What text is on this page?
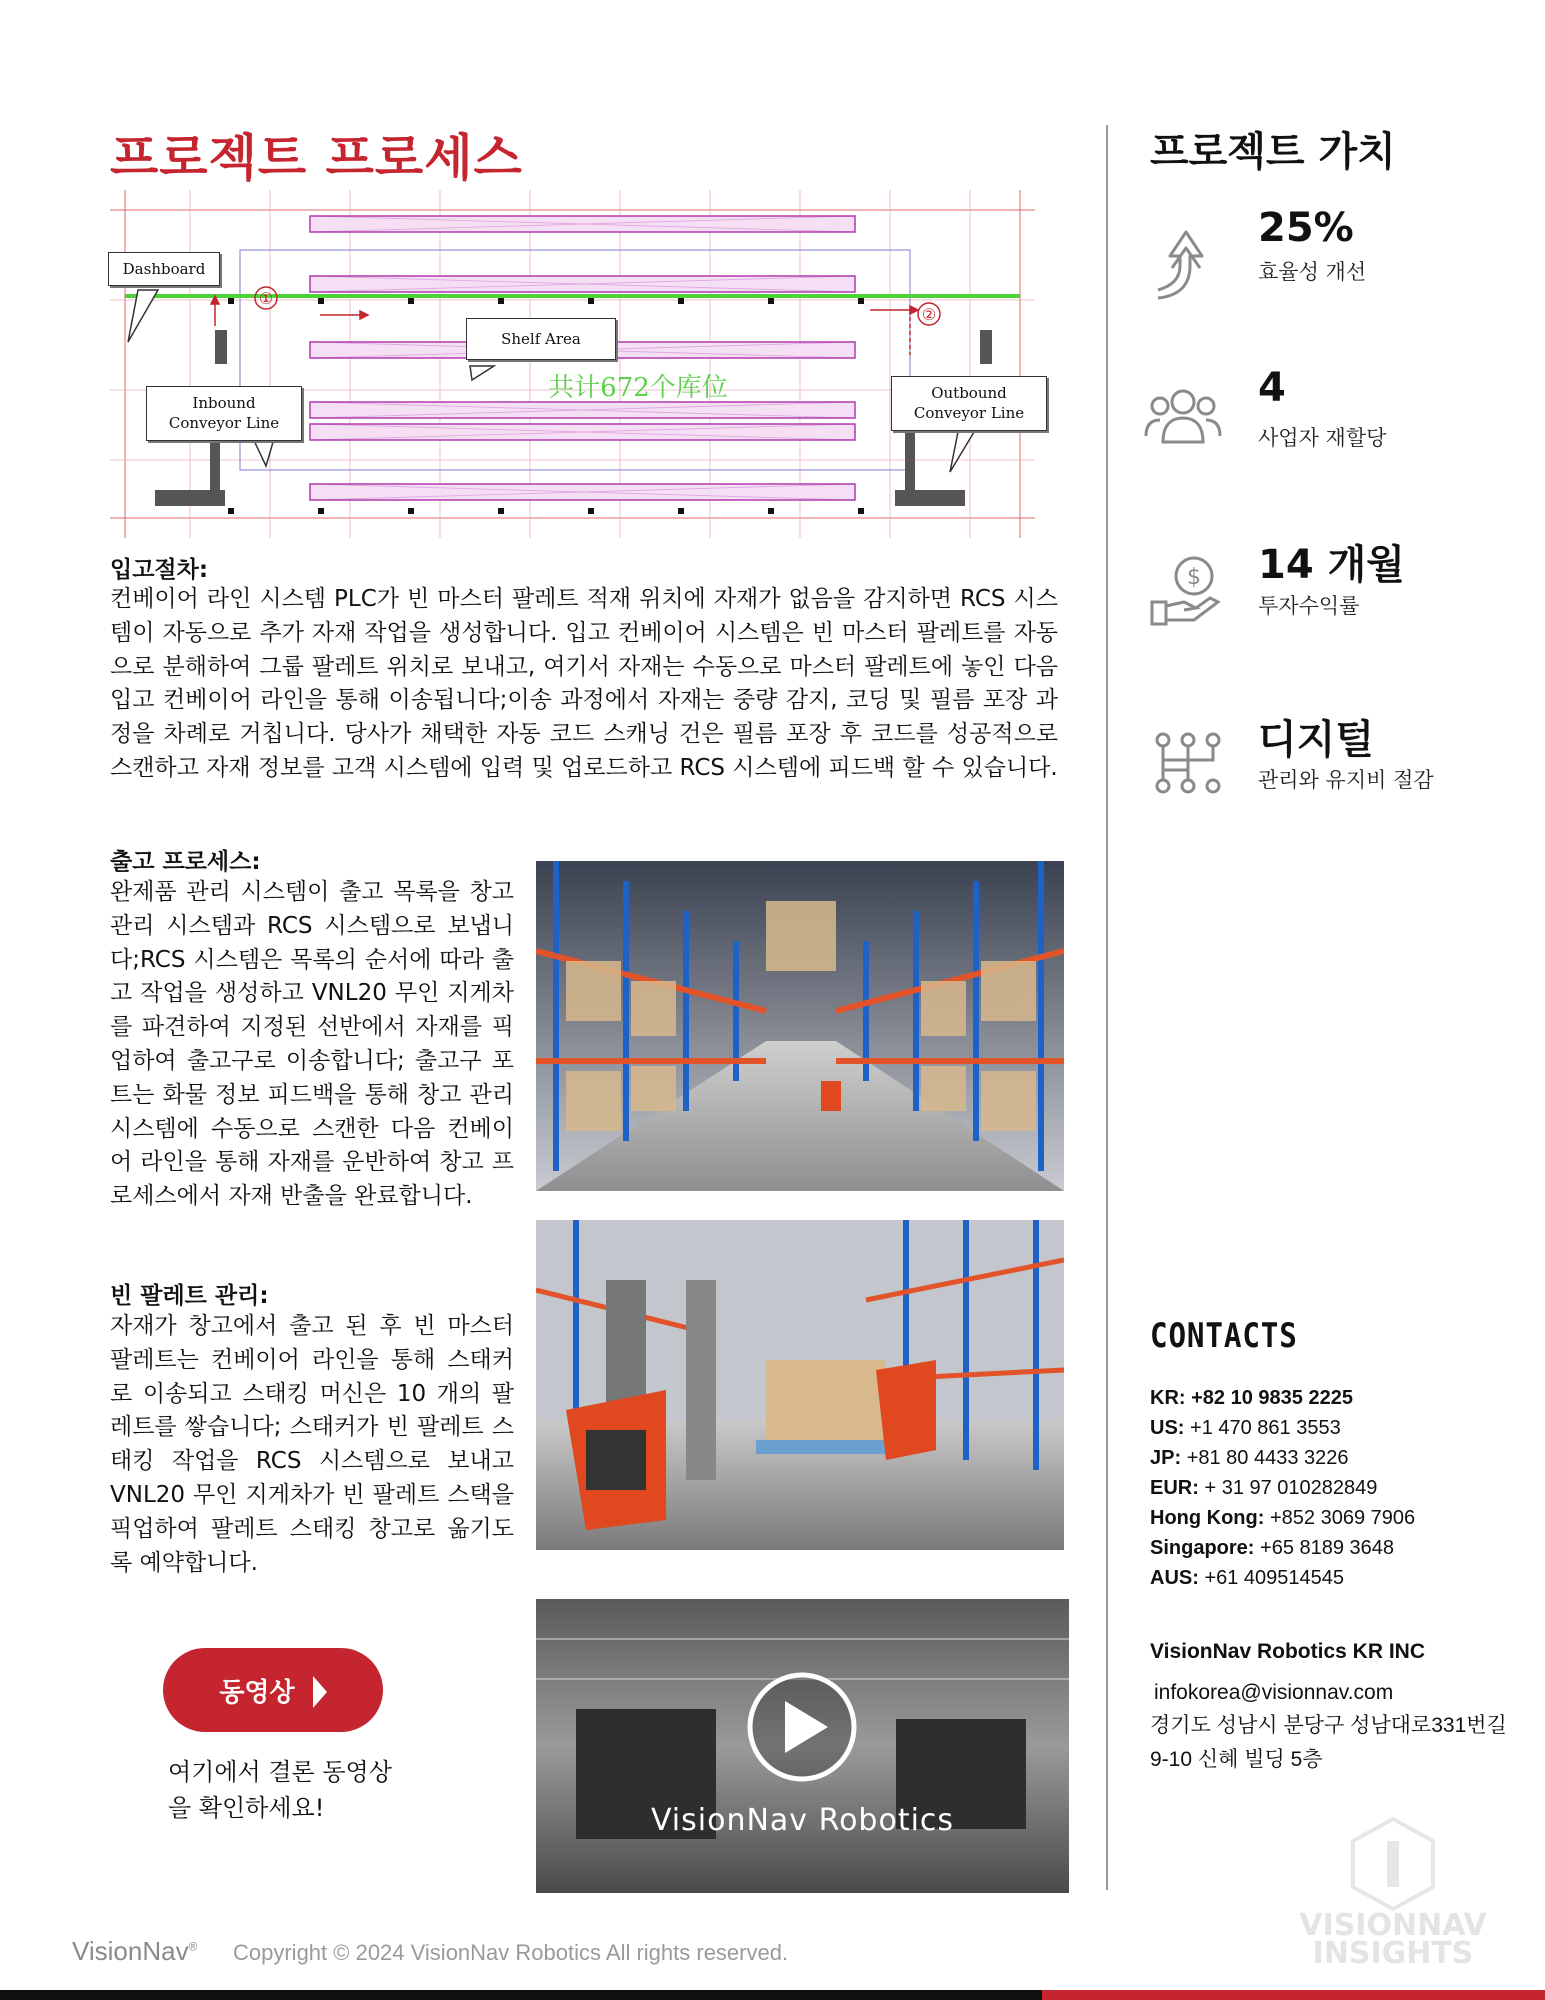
프로젝트 프로세스
①
②
共计672个库位
Dashboard
Shelf Area
Inbound Conveyor Line
Outbound Conveyor Line
입고절차:
컨베이어 라인 시스템 PLC가 빈 마스터 팔레트 적재 위치에 자재가 없음을 감지하면 RCS 시스템이 자동으로 추가 자재 작업을 생성합니다. 입고 컨베이어 시스템은 빈 마스터 팔레트를 자동으로 분해하여 그룹 팔레트 위치로 보내고, 여기서 자재는 수동으로 마스터 팔레트에 놓인 다음 입고 컨베이어 라인을 통해 이송됩니다;이송 과정에서 자재는 중량 감지, 코딩 및 필름 포장 과정을 차례로 거칩니다. 당사가 채택한 자동 코드 스캐닝 건은 필름 포장 후 코드를 성공적으로 스캔하고 자재 정보를 고객 시스템에 입력 및 업로드하고 RCS 시스템에 피드백 할 수 있습니다.
출고 프로세스:
완제품 관리 시스템이 출고 목록을 창고 관리 시스템과 RCS 시스템으로 보냅니다;RCS 시스템은 목록의 순서에 따라 출고 작업을 생성하고 VNL20 무인 지게차를 파견하여 지정된 선반에서 자재를 픽업하여 출고구로 이송합니다; 출고구 포트는 화물 정보 피드백을 통해 창고 관리 시스템에 수동으로 스캔한 다음 컨베이어 라인을 통해 자재를 운반하여 창고 프로세스에서 자재 반출을 완료합니다.
빈 팔레트 관리:
자재가 창고에서 출고 된 후 빈 마스터 팔레트는 컨베이어 라인을 통해 스태커로 이송되고 스태킹 머신은 10 개의 팔레트를 쌓습니다; 스태커가 빈 팔레트 스태킹 작업을 RCS 시스템으로 보내고 VNL20 무인 지게차가 빈 팔레트 스택을 픽업하여 팔레트 스태킹 창고로 옮기도록 예약합니다.
VisionNav Robotics
동영상
여기에서 결론 동영상
을 확인하세요!
프로젝트 가치
25%
효율성 개선
4
사업자 재할당
$ 14 개월
투자수익률
디지털
관리와 유지비 절감
CONTACTS
KR: +82 10 9835 2225
US: +1 470 861 3553
JP: +81 80 4433 3226
EUR: + 31 97 010282849
Hong Kong: +852 3069 7906
Singapore: +65 8189 3648
AUS: +61 409514545
VisionNav Robotics KR INC
infokorea@visionnav.com
경기도 성남시 분당구 성남대로331번길
9-10 신혜 빌딩 5층
VisionNav® Copyright © 2024 VisionNav Robotics All rights reserved.
VISIONNAV
INSIGHTS
